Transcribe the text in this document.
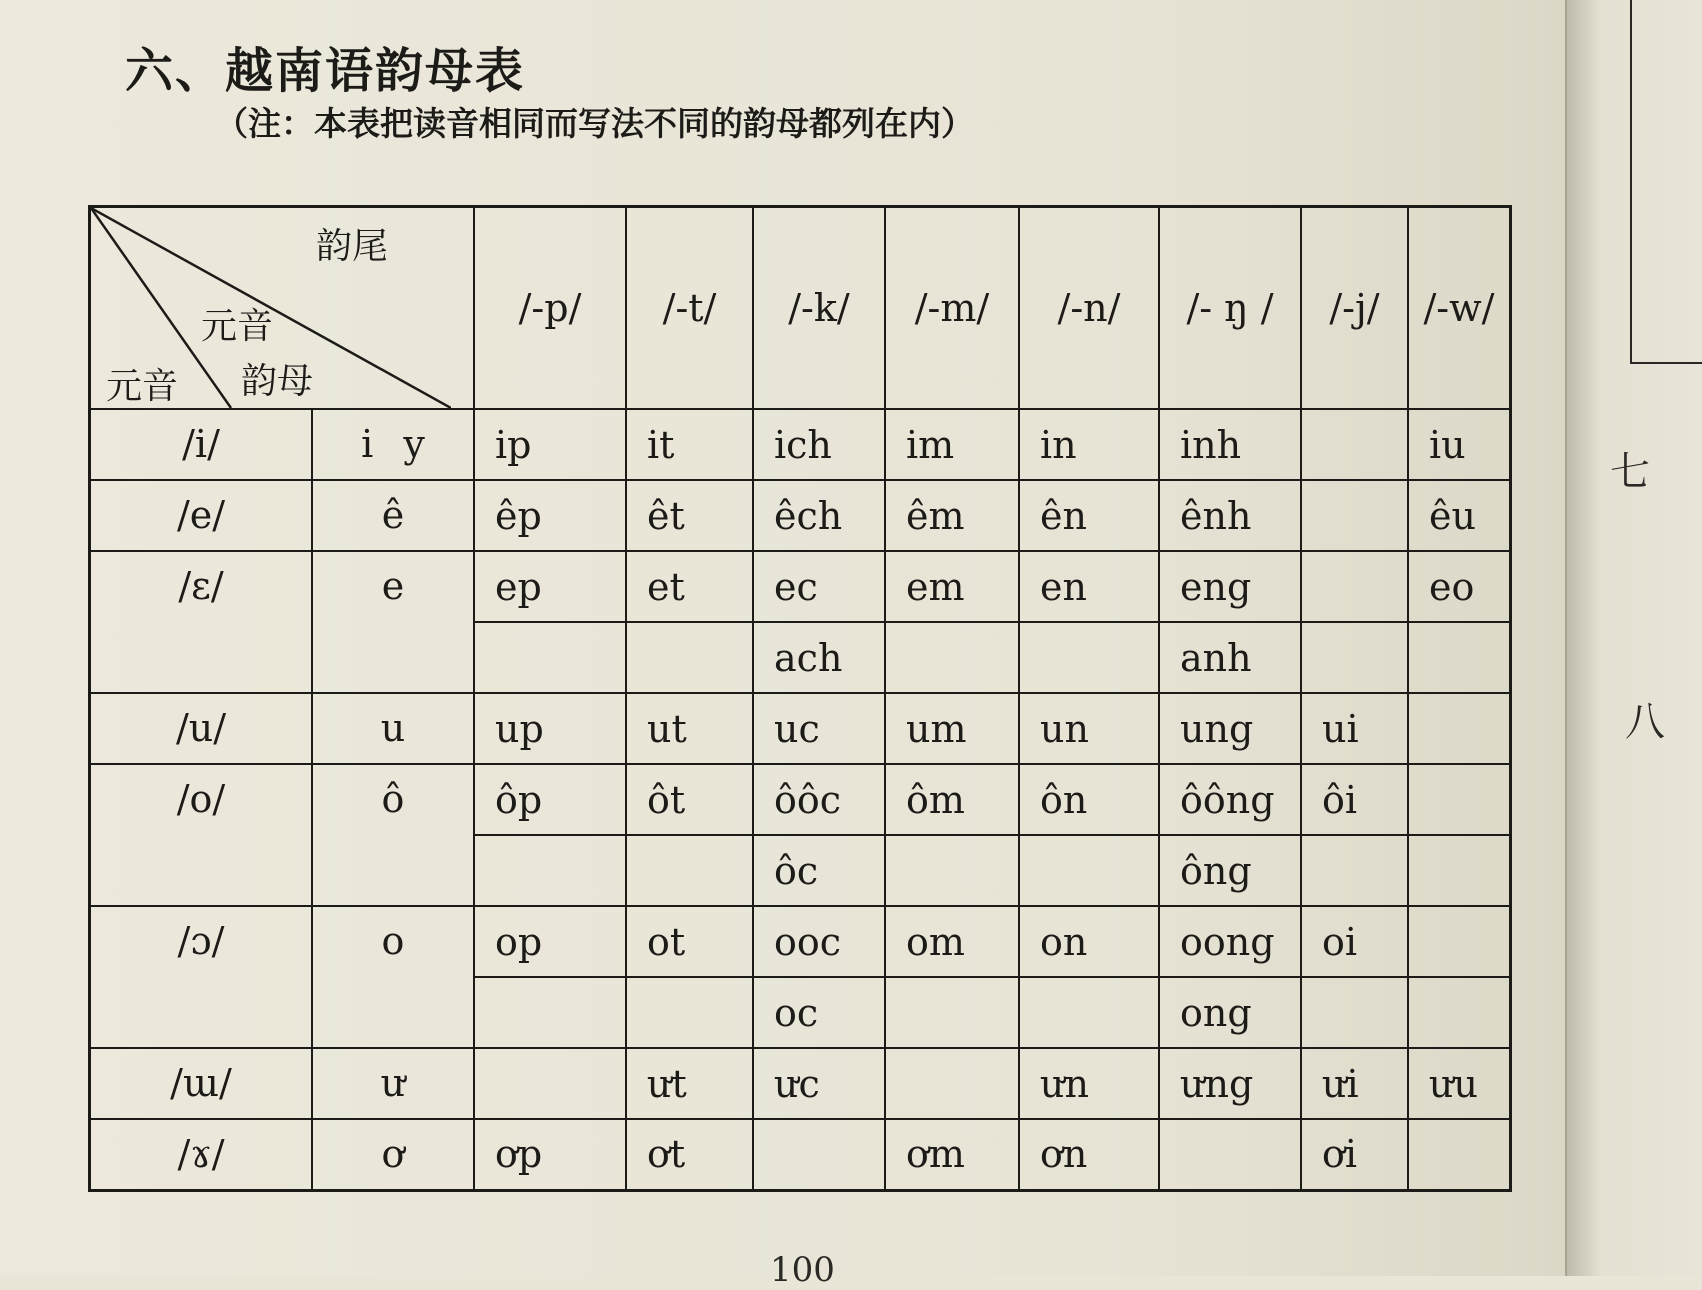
七
八
六、越南语韵母表
（注：本表把读音相同而写法不同的韵母都列在内）
韵尾
元音
韵母
元音		/-p/	/-t/	/-k/	/-m/	/-n/	/- ŋ /	/-j/	/-w/
/i/	i y	ip	it	ich	im	in	inh		iu
/e/	ê	êp	êt	êch	êm	ên	ênh		êu
/ε/	e	ep	et	ec	em	en	eng		eo
				ach			anh		
/u/	u	up	ut	uc	um	un	ung	ui	
/o/	ô	ôp	ôt	ôôc	ôm	ôn	ôông	ôi	
				ôc			ông		
/ɔ/	o	op	ot	ooc	om	on	oong	oi	
				oc			ong		
/ɯ/	ư		ưt	ưc		ưn	ưng	ưi	ưu
/ɤ/	ơ	ơp	ơt		ơm	ơn		ơi	
100
